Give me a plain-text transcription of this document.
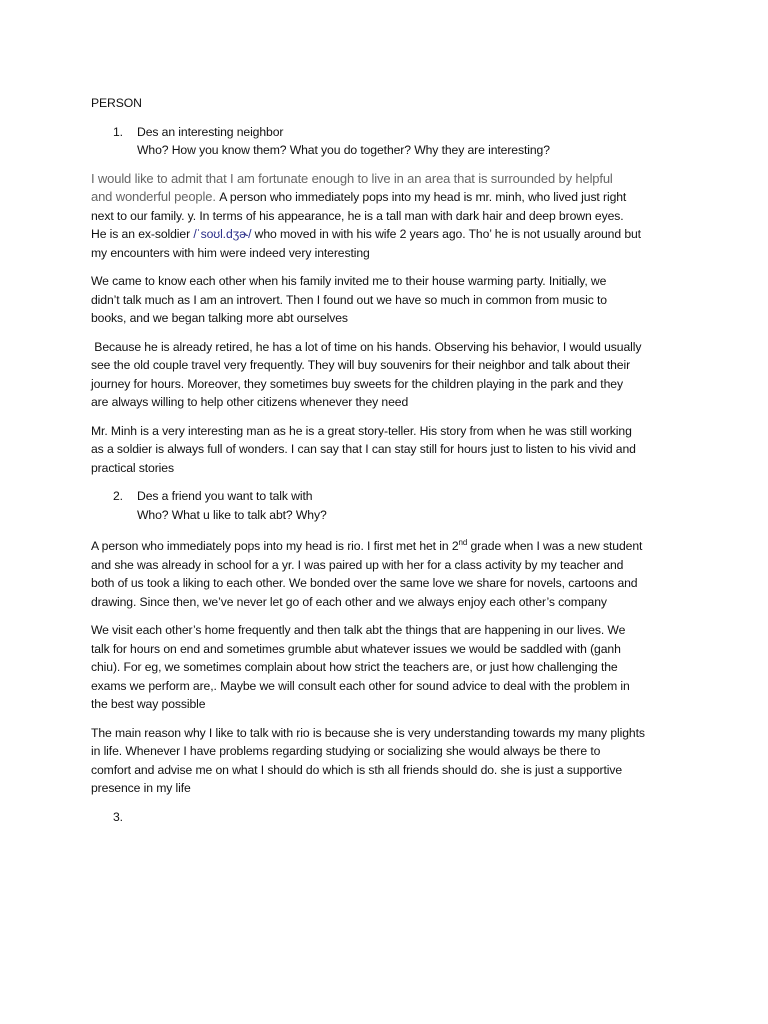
PERSON
1. Des an interesting neighbor
Who? How you know them? What you do together? Why they are interesting?
I would like to admit that I am fortunate enough to live in an area that is surrounded by helpful
and wonderful people. A person who immediately pops into my head is mr. minh, who lived just right
next to our family. y. In terms of his appearance, he is a tall man with dark hair and deep brown eyes.
He is an ex-soldier /ˈsoʊl.dʒɚ/ who moved in with his wife 2 years ago. Tho’ he is not usually around but
my encounters with him were indeed very interesting
We came to know each other when his family invited me to their house warming party. Initially, we
didn’t talk much as I am an introvert. Then I found out we have so much in common from music to
books, and we began talking more abt ourselves
Because he is already retired, he has a lot of time on his hands. Observing his behavior, I would usually
see the old couple travel very frequently. They will buy souvenirs for their neighbor and talk about their
journey for hours. Moreover, they sometimes buy sweets for the children playing in the park and they
are always willing to help other citizens whenever they need
Mr. Minh is a very interesting man as he is a great story-teller. His story from when he was still working
as a soldier is always full of wonders. I can say that I can stay still for hours just to listen to his vivid and
practical stories
2. Des a friend you want to talk with
Who? What u like to talk abt? Why?
A person who immediately pops into my head is rio. I first met het in 2nd grade when I was a new student
and she was already in school for a yr. I was paired up with her for a class activity by my teacher and
both of us took a liking to each other. We bonded over the same love we share for novels, cartoons and
drawing. Since then, we’ve never let go of each other and we always enjoy each other’s company
We visit each other’s home frequently and then talk abt the things that are happening in our lives. We
talk for hours on end and sometimes grumble abut whatever issues we would be saddled with (ganh
chiu). For eg, we sometimes complain about how strict the teachers are, or just how challenging the
exams we perform are,. Maybe we will consult each other for sound advice to deal with the problem in
the best way possible
The main reason why I like to talk with rio is because she is very understanding towards my many plights
in life. Whenever I have problems regarding studying or socializing she would always be there to
comfort and advise me on what I should do which is sth all friends should do. she is just a supportive
presence in my life
3.
